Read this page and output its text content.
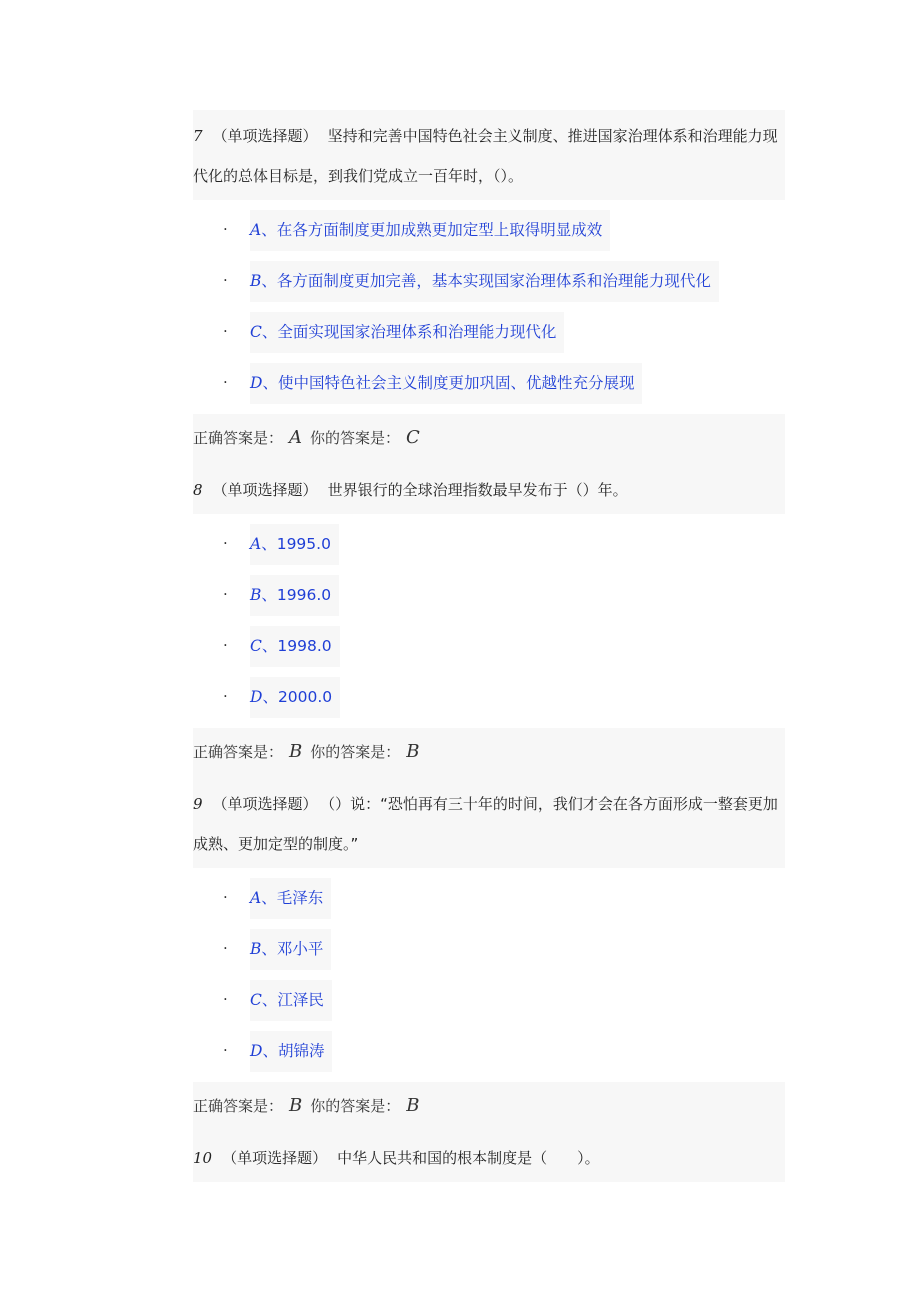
7 （单项选择题） 坚持和完善中国特色社会主义制度、推进国家治理体系和治理能力现代化的总体目标是，到我们党成立一百年时，（）。
. A、在各方面制度更加成熟更加定型上取得明显成效
. B、各方面制度更加完善，基本实现国家治理体系和治理能力现代化
. C、全面实现国家治理体系和治理能力现代化
. D、使中国特色社会主义制度更加巩固、优越性充分展现
正确答案是： A 你的答案是： C
8 （单项选择题） 世界银行的全球治理指数最早发布于（）年。
. A、1995.0
. B、1996.0
. C、1998.0
. D、2000.0
正确答案是： B 你的答案是： B
9 （单项选择题） （）说：“恐怕再有三十年的时间，我们才会在各方面形成一整套更加成熟、更加定型的制度。”
. A、毛泽东
. B、邓小平
. C、江泽民
. D、胡锦涛
正确答案是： B 你的答案是： B
10 （单项选择题） 中华人民共和国的根本制度是（　　）。
